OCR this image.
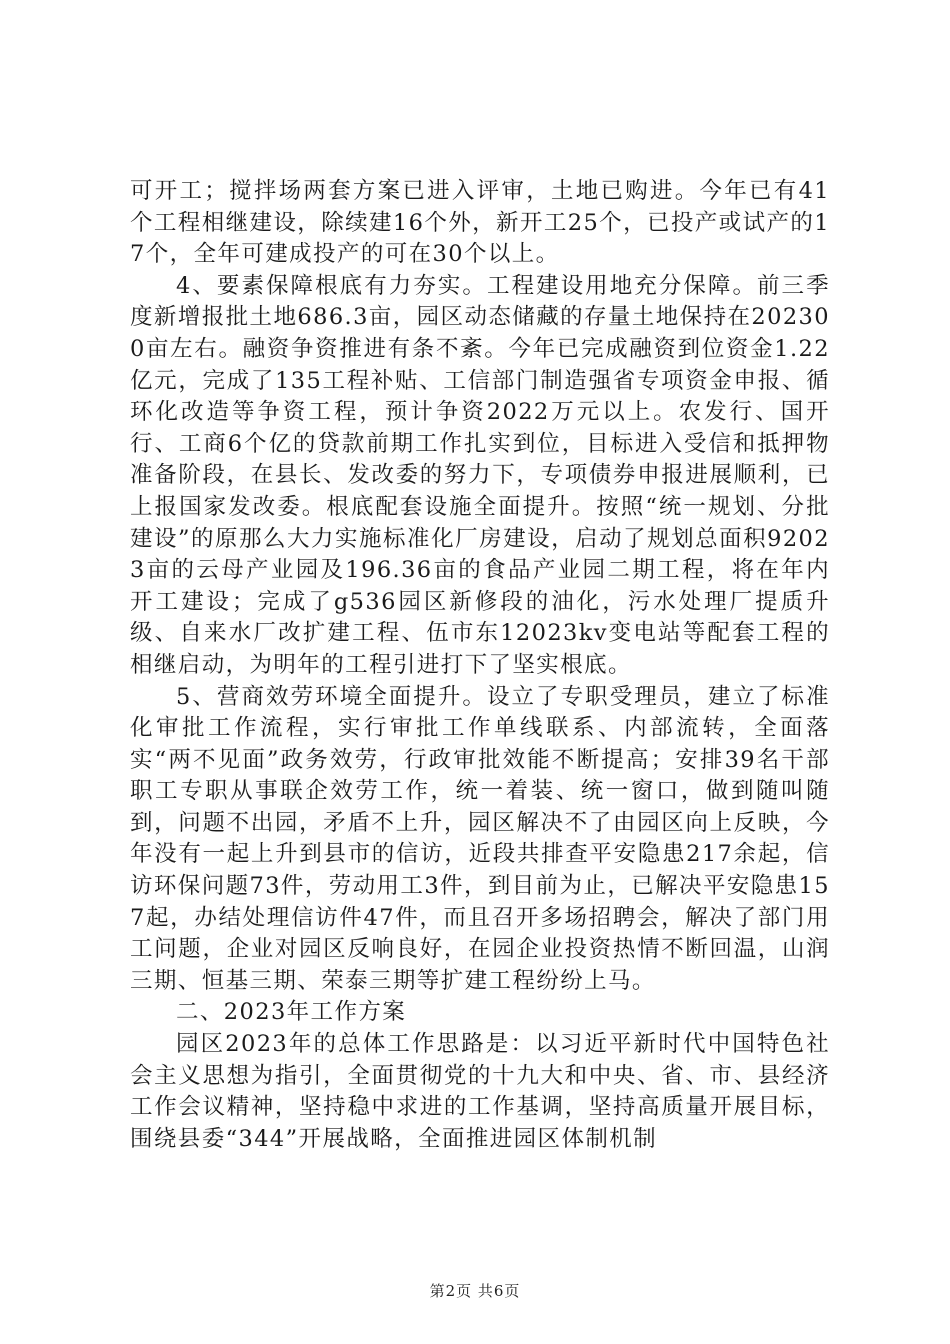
可开工；搅拌场两套方案已进入评审，土地已购进。今年已有41个工程相继建设，除续建16个外，新开工25个，已投产或试产的17个，全年可建成投产的可在30个以上。

4、要素保障根底有力夯实。工程建设用地充分保障。前三季度新增报批土地686.3亩，园区动态储藏的存量土地保持在202300亩左右。融资争资推进有条不紊。今年已完成融资到位资金1.22亿元，完成了135工程补贴、工信部门制造强省专项资金申报、循环化改造等争资工程，预计争资2022万元以上。农发行、国开行、工商6个亿的贷款前期工作扎实到位，目标进入受信和抵押物准备阶段，在县长、发改委的努力下，专项债券申报进展顺利，已上报国家发改委。根底配套设施全面提升。按照“统一规划、分批建设”的原那么大力实施标准化厂房建设，启动了规划总面积92023亩的云母产业园及196.36亩的食品产业园二期工程，将在年内开工建设；完成了g536园区新修段的油化，污水处理厂提质升级、自来水厂改扩建工程、伍市东12023kv变电站等配套工程的相继启动，为明年的工程引进打下了坚实根底。

5、营商效劳环境全面提升。设立了专职受理员，建立了标准化审批工作流程，实行审批工作单线联系、内部流转，全面落实“两不见面”政务效劳，行政审批效能不断提高；安排39名干部职工专职从事联企效劳工作，统一着装、统一窗口，做到随叫随到，问题不出园，矛盾不上升，园区解决不了由园区向上反映，今年没有一起上升到县市的信访，近段共排查平安隐患217余起，信访环保问题73件，劳动用工3件，到目前为止，已解决平安隐患157起，办结处理信访件47件，而且召开多场招聘会，解决了部门用工问题，企业对园区反响良好，在园企业投资热情不断回温，山润三期、恒基三期、荣泰三期等扩建工程纷纷上马。

二、2023年工作方案

园区2023年的总体工作思路是：以习近平新时代中国特色社会主义思想为指引，全面贯彻党的十九大和中央、省、市、县经济工作会议精神，坚持稳中求进的工作基调，坚持高质量开展目标，围绕县委“344”开展战略，全面推进园区体制机制

第2页 共6页
